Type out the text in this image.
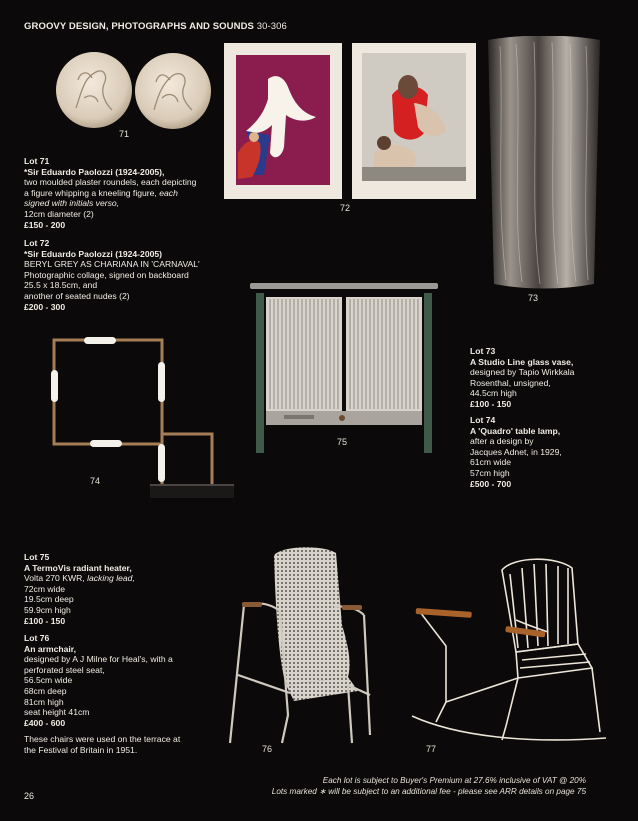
GROOVY DESIGN, PHOTOGRAPHS AND SOUNDS 30-306
71
Lot 71
*Sir Eduardo Paolozzi (1924-2005),
two moulded plaster roundels, each depicting
a figure whipping a kneeling figure, each
signed with initials verso,
12cm diameter (2)
£150 - 200
Lot 72
*Sir Eduardo Paolozzi (1924-2005)
BERYL GREY AS CHARIANA IN 'CARNAVAL'
Photographic collage, signed on backboard
25.5 x 18.5cm, and
another of seated nudes (2)
£200 - 300
72
73
75
74
Lot 73
A Studio Line glass vase,
designed by Tapio Wirkkala
Rosenthal, unsigned,
44.5cm high
£100 - 150
Lot 74
A 'Quadro' table lamp,
after a design by
Jacques Adnet, in 1929,
61cm wide
57cm high
£500 - 700
Lot 75
A TermoVis radiant heater,
Volta 270 KWR, lacking lead,
72cm wide
19.5cm deep
59.9cm high
£100 - 150
Lot 76
An armchair,
designed by A J Milne for Heal's, with a
perforated steel seat,
56.5cm wide
68cm deep
81cm high
seat height 41cm
£400 - 600
These chairs were used on the terrace at
the Festival of Britain in 1951.	76	77
Each lot is subject to Buyer's Premium at 27.6% inclusive of VAT @ 20%
Lots marked ∗ will be subject to an additional fee - please see ARR details on page 75
26
